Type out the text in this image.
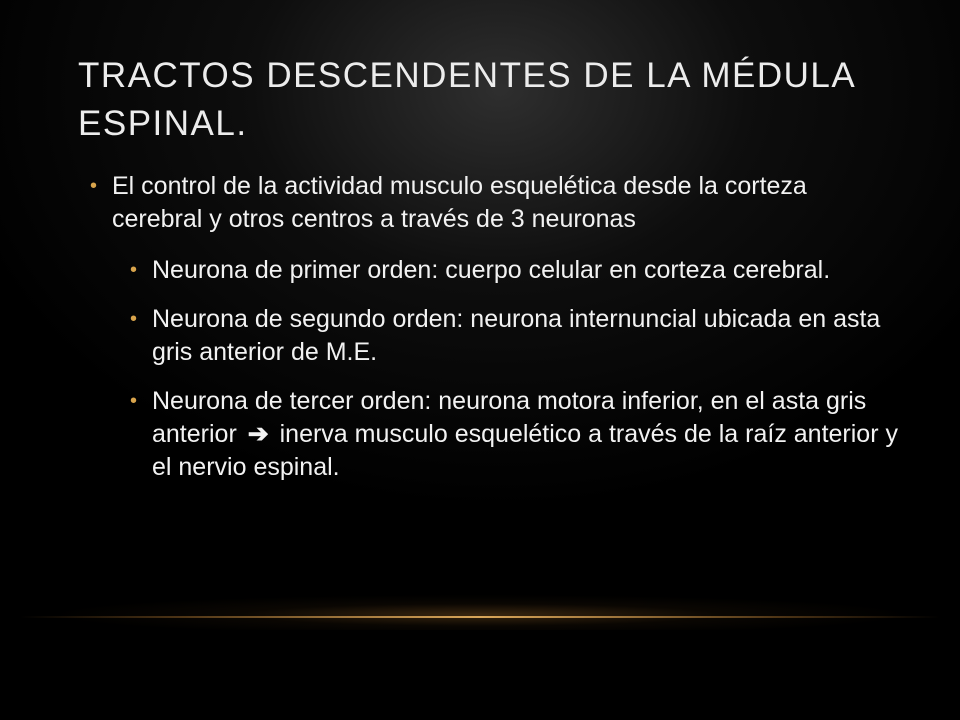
TRACTOS DESCENDENTES DE LA MÉDULA ESPINAL.
• El control de la actividad musculo esquelética desde la corteza cerebral y otros centros a través de 3 neuronas
• Neurona de primer orden: cuerpo celular en corteza cerebral.
• Neurona de segundo orden: neurona internuncial ubicada en asta gris anterior de M.E.
• Neurona de tercer orden: neurona motora inferior, en el asta gris anterior ➔ inerva musculo esquelético a través de la raíz anterior y el nervio espinal.
